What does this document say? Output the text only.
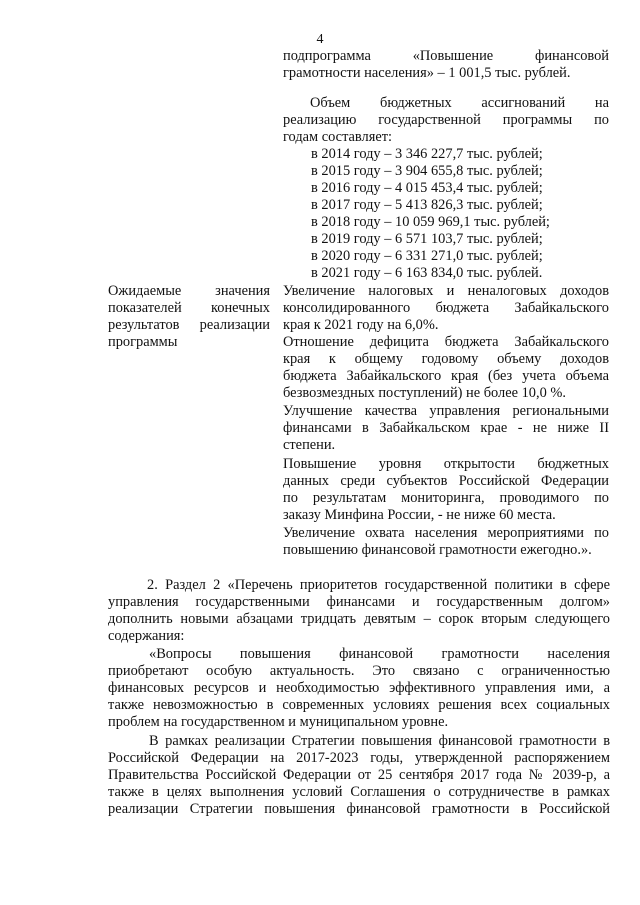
4
подпрограмма «Повышение финансовой
грамотности населения» – 1 001,5 тыс. рублей.
Объем бюджетных ассигнований на
реализацию государственной программы по
годам составляет:
в 2014 году – 3 346 227,7 тыс. рублей;
в 2015 году – 3 904 655,8 тыс. рублей;
в 2016 году – 4 015 453,4 тыс. рублей;
в 2017 году – 5 413 826,3 тыс. рублей;
в 2018 году – 10 059 969,1 тыс. рублей;
в 2019 году – 6 571 103,7 тыс. рублей;
в 2020 году – 6 331 271,0 тыс. рублей;
в 2021 году – 6 163 834,0 тыс. рублей.
Ожидаемые значения
показателей конечных
результатов реализации
программы
Увеличение налоговых и неналоговых доходов
консолидированного бюджета Забайкальского
края к 2021 году на 6,0%.
Отношение дефицита бюджета Забайкальского
края к общему годовому объему доходов
бюджета Забайкальского края (без учета объема
безвозмездных поступлений) не более 10,0 %.
Улучшение качества управления региональными
финансами в Забайкальском крае - не ниже II
степени.
Повышение уровня открытости бюджетных
данных среди субъектов Российской Федерации
по результатам мониторинга, проводимого по
заказу Минфина России, - не ниже 60 места.
Увеличение охвата населения мероприятиями по
повышению финансовой грамотности ежегодно.».
2. Раздел 2 «Перечень приоритетов государственной политики в сфере
управления государственными финансами и государственным долгом»
дополнить новыми абзацами тридцать девятым – сорок вторым следующего
содержания:
«Вопросы повышения финансовой грамотности населения
приобретают особую актуальность. Это связано с ограниченностью
финансовых ресурсов и необходимостью эффективного управления ими, а
также невозможностью в современных условиях решения всех социальных
проблем на государственном и муниципальном уровне.
В рамках реализации Стратегии повышения финансовой грамотности в
Российской Федерации на 2017-2023 годы, утвержденной распоряжением
Правительства Российской Федерации от 25 сентября 2017 года № 2039-р, а
также в целях выполнения условий Соглашения о сотрудничестве в рамках
реализации Стратегии повышения финансовой грамотности в Российской
